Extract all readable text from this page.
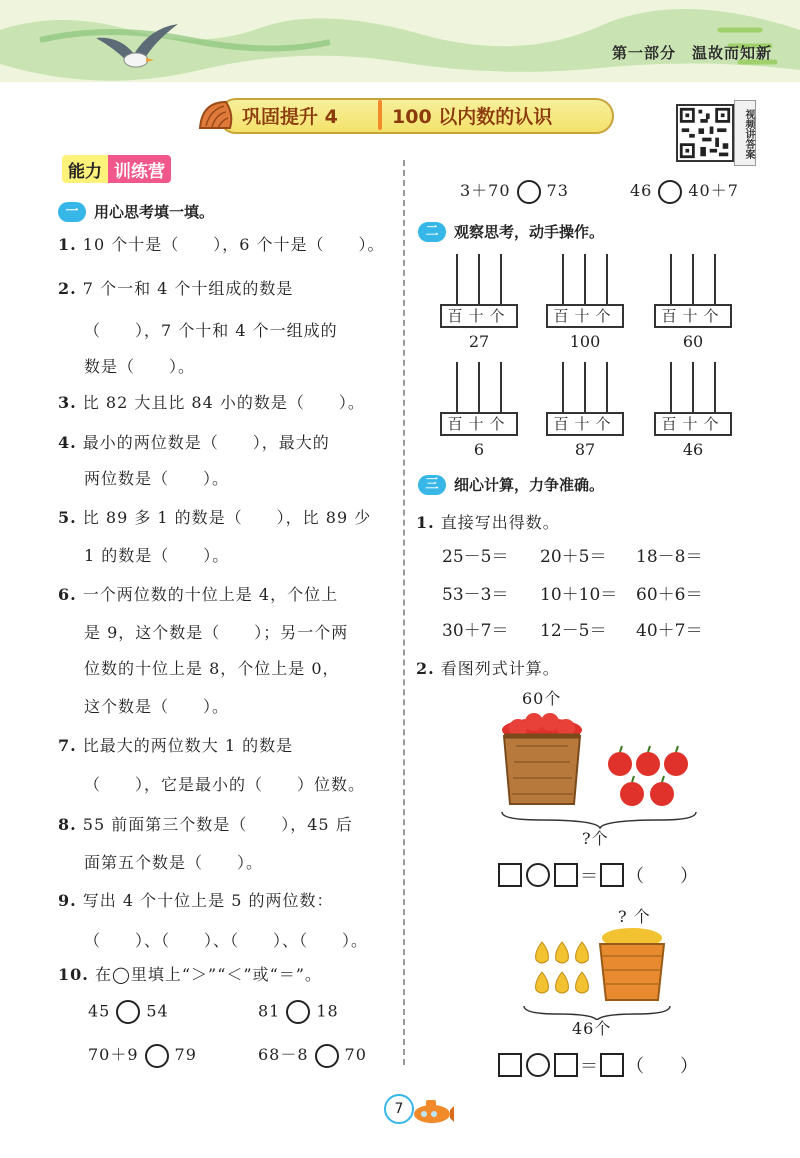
第一部分　温故而知新
巩固提升 4	100 以内数的认识	视频讲答案
能力 训练营
一	用心思考填一填。
1. 10 个十是（　　），6 个十是（　　）。
2. 7 个一和 4 个十组成的数是
（　　），7 个十和 4 个一组成的
数是（　　）。
3. 比 82 大且比 84 小的数是（　　）。
4. 最小的两位数是（　　），最大的
两位数是（　　）。
5. 比 89 多 1 的数是（　　），比 89 少
1 的数是（　　）。
6. 一个两位数的十位上是 4，个位上
是 9，这个数是（　　）；另一个两
位数的十位上是 8，个位上是 0，
这个数是（　　）。
7. 比最大的两位数大 1 的数是
（　　），它是最小的（　　）位数。
8. 55 前面第三个数是（　　），45 后
面第五个数是（　　）。
9. 写出 4 个十位上是 5 的两位数：
（　　）、（　　）、（　　）、（　　）。
10. 在◯里填上“＞”“＜”或“＝”。
45 54	81 18
70＋9 79	68－8 70
3＋70 73	46 40＋7
二	观察思考，动手操作。
百十个
27
百十个
100
百十个
60
百十个
6
百十个
87
百十个
46
三	细心计算，力争准确。
1. 直接写出得数。
25－5＝ 20＋5＝ 18－8＝
53－3＝ 10＋10＝ 60＋6＝
30＋7＝ 12－5＝ 40＋7＝
2. 看图列式计算。
60个
?个
＝ （　　）
? 个
46个
＝ （　　）
7
